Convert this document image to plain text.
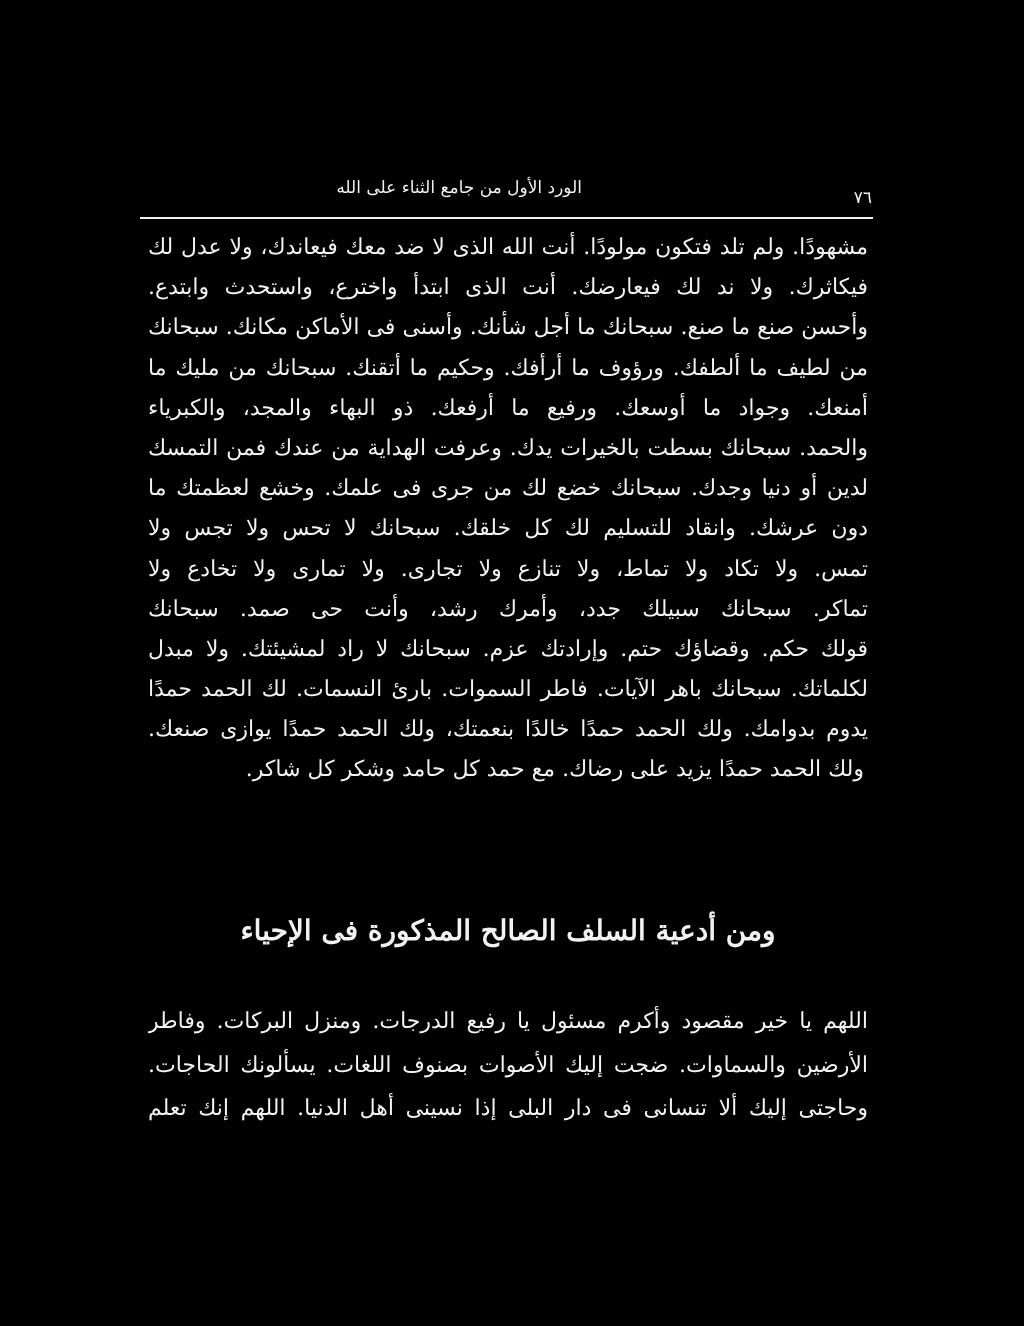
الورد الأول من جامع الثناء على الله	٧٦
مشهودًا. ولم تلد فتكون مولودًا. أنت الله الذى لا ضد معك فيعاندك، ولا عدل لك
فيكاثرك. ولا ند لك فيعارضك. أنت الذى ابتدأ واخترع، واستحدث وابتدع.
وأحسن صنع ما صنع. سبحانك ما أجل شأنك. وأسنى فى الأماكن مكانك. سبحانك
من لطيف ما ألطفك. ورؤوف ما أرأفك. وحكيم ما أتقنك. سبحانك من مليك ما
أمنعك. وجواد ما أوسعك. ورفيع ما أرفعك. ذو البهاء والمجد، والكبرياء
والحمد. سبحانك بسطت بالخيرات يدك. وعرفت الهداية من عندك فمن التمسك
لدين أو دنيا وجدك. سبحانك خضع لك من جرى فى علمك. وخشع لعظمتك ما
دون عرشك. وانقاد للتسليم لك كل خلقك. سبحانك لا تحس ولا تجس ولا
تمس. ولا تكاد ولا تماط، ولا تنازع ولا تجارى. ولا تمارى ولا تخادع ولا
تماكر. سبحانك سبيلك جدد، وأمرك رشد، وأنت حى صمد. سبحانك
قولك حكم. وقضاؤك حتم. وإرادتك عزم. سبحانك لا راد لمشيئتك. ولا مبدل
لكلماتك. سبحانك باهر الآيات. فاطر السموات. بارئ النسمات. لك الحمد حمدًا
يدوم بدوامك. ولك الحمد حمدًا خالدًا بنعمتك، ولك الحمد حمدًا يوازى صنعك.
ولك الحمد حمدًا يزيد على رضاك. مع حمد كل حامد وشكر كل شاكر.
ومن أدعية السلف الصالح المذكورة فى الإحياء
اللهم يا خير مقصود وأكرم مسئول يا رفيع الدرجات. ومنزل البركات. وفاطر
الأرضين والسماوات. ضجت إليك الأصوات بصنوف اللغات. يسألونك الحاجات.
وحاجتى إليك ألا تنسانى فى دار البلى إذا نسينى أهل الدنيا. اللهم إنك تعلم
